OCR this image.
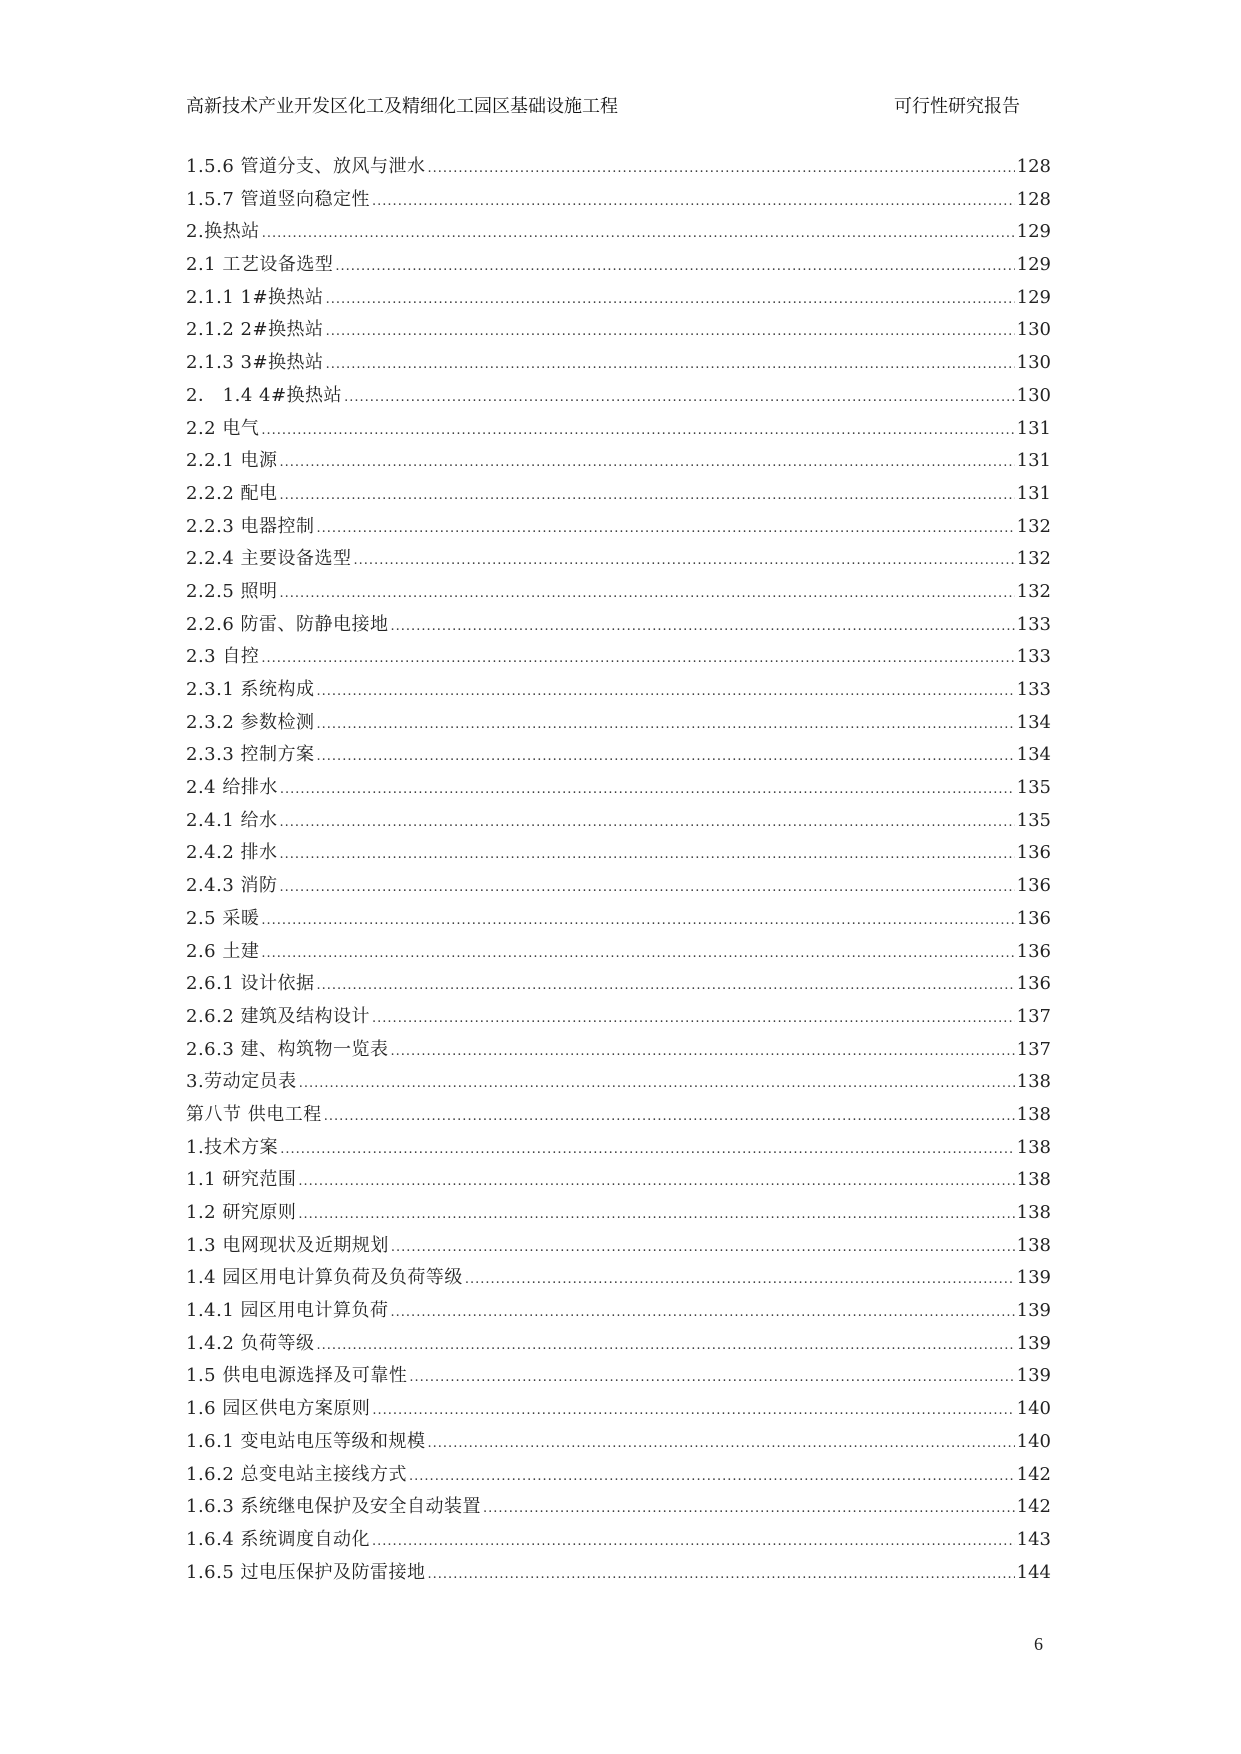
高新技术产业开发区化工及精细化工园区基础设施工程	可行性研究报告
1.5.6 管道分支、放风与泄水 .....	128
1.5.7 管道竖向稳定性 .....	128
2.换热站 .....	129
2.1 工艺设备选型 .....	129
2.1.1 1#换热站 .....	129
2.1.2 2#换热站 .....	130
2.1.3 3#换热站 .....	130
2． 1.4 4#换热站 .....	130
2.2 电气 .....	131
2.2.1 电源 .....	131
2.2.2 配电 .....	131
2.2.3 电器控制 .....	132
2.2.4 主要设备选型 .....	132
2.2.5 照明 .....	132
2.2.6 防雷、防静电接地 .....	133
2.3 自控 .....	133
2.3.1 系统构成 .....	133
2.3.2 参数检测 .....	134
2.3.3 控制方案 .....	134
2.4 给排水 .....	135
2.4.1 给水 .....	135
2.4.2 排水 .....	136
2.4.3 消防 .....	136
2.5 采暖 .....	136
2.6 土建 .....	136
2.6.1 设计依据 .....	136
2.6.2 建筑及结构设计 .....	137
2.6.3 建、构筑物一览表 .....	137
3.劳动定员表 .....	138
第八节 供电工程 .....	138
1.技术方案 .....	138
1.1 研究范围 .....	138
1.2 研究原则 .....	138
1.3 电网现状及近期规划 .....	138
1.4 园区用电计算负荷及负荷等级 .....	139
1.4.1 园区用电计算负荷 .....	139
1.4.2 负荷等级 .....	139
1.5 供电电源选择及可靠性 .....	139
1.6 园区供电方案原则 .....	140
1.6.1 变电站电压等级和规模 .....	140
1.6.2 总变电站主接线方式 .....	142
1.6.3 系统继电保护及安全自动装置 .....	142
1.6.4 系统调度自动化 .....	143
1.6.5 过电压保护及防雷接地 .....	144
6
